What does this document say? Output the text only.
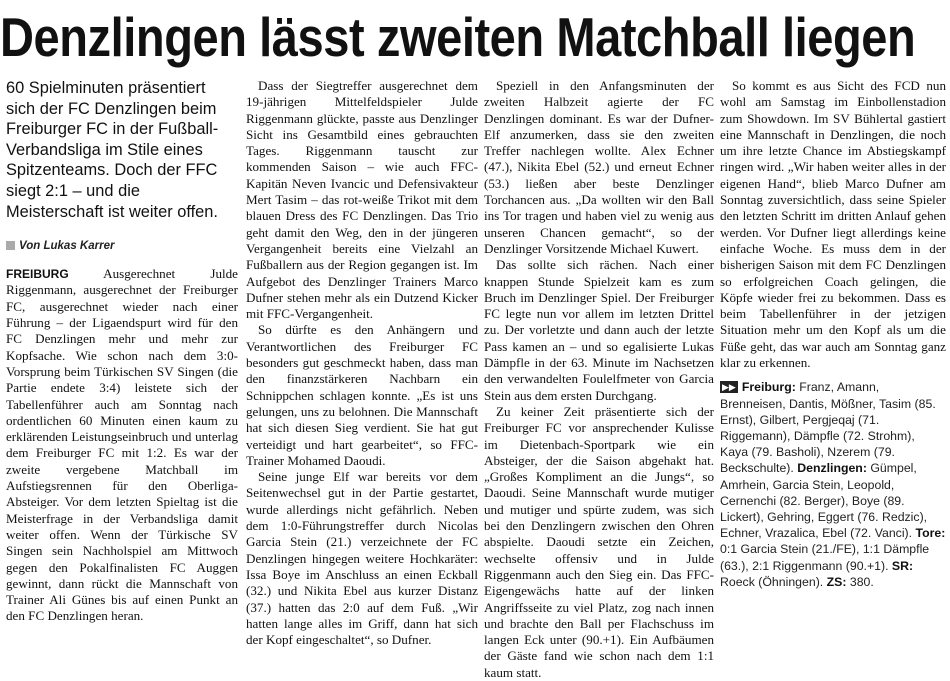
Denzlingen lässt zweiten Matchball liegen

60 Spielminuten präsentiert sich der FC Denzlingen beim Freiburger FC in der Fußball-Verbandsliga im Stile eines Spitzenteams. Doch der FFC siegt 2:1 – und die Meisterschaft ist weiter offen.

Von Lukas Karrer

FREIBURG	Ausgerechnet Julde Riggenmann, ausgerechnet der Freiburger FC, ausgerechnet wieder nach einer Führung – der Ligaendspurt wird für den FC Denzlingen mehr und mehr zur Kopfsache. Wie schon nach dem 3:0-Vorsprung beim Türkischen SV Singen (die Partie endete 3:4) leistete sich der Tabellenführer auch am Sonntag nach ordentlichen 60 Minuten einen kaum zu erklärenden Leistungseinbruch und unterlag dem Freiburger FC mit 1:2. Es war der zweite vergebene Matchball im Aufstiegsrennen für den Oberliga-Absteiger. Vor dem letzten Spieltag ist die Meisterfrage in der Verbandsliga damit weiter offen. Wenn der Türkische SV Singen sein Nachholspiel am Mittwoch gegen den Pokalfinalisten FC Auggen gewinnt, dann rückt die Mannschaft von Trainer Ali Günes bis auf einen Punkt an den FC Denzlingen heran.

Dass der Siegtreffer ausgerechnet dem 19-jährigen Mittelfeldspieler Julde Riggenmann glückte, passte aus Denzlinger Sicht ins Gesamtbild eines gebrauchten Tages. Riggenmann tauscht zur kommenden Saison – wie auch FFC-Kapitän Neven Ivancic und Defensivakteur Mert Tasim – das rot-weiße Trikot mit dem blauen Dress des FC Denzlingen. Das Trio geht damit den Weg, den in der jüngeren Vergangenheit bereits eine Vielzahl an Fußballern aus der Region gegangen ist. Im Aufgebot des Denzlinger Trainers Marco Dufner stehen mehr als ein Dutzend Kicker mit FFC-Vergangenheit.

So dürfte es den Anhängern und Verantwortlichen des Freiburger FC besonders gut geschmeckt haben, dass man den finanzstärkeren Nachbarn ein Schnippchen schlagen konnte. „Es ist uns gelungen, uns zu belohnen. Die Mannschaft hat sich diesen Sieg verdient. Sie hat gut verteidigt und hart gearbeitet“, so FFC-Trainer Mohamed Daoudi.

Seine junge Elf war bereits vor dem Seitenwechsel gut in der Partie gestartet, wurde allerdings nicht gefährlich. Neben dem 1:0-Führungstreffer durch Nicolas Garcia Stein (21.) verzeichnete der FC Denzlingen hingegen weitere Hochkaräter: Issa Boye im Anschluss an einen Eckball (32.) und Nikita Ebel aus kurzer Distanz (37.) hatten das 2:0 auf dem Fuß. „Wir hatten lange alles im Griff, dann hat sich der Kopf eingeschaltet“, so Dufner.

Speziell in den Anfangsminuten der zweiten Halbzeit agierte der FC Denzlingen dominant. Es war der Dufner-Elf anzumerken, dass sie den zweiten Treffer nachlegen wollte. Alex Echner (47.), Nikita Ebel (52.) und erneut Echner (53.) ließen aber beste Denzlinger Torchancen aus. „Da wollten wir den Ball ins Tor tragen und haben viel zu wenig aus unseren Chancen gemacht“, so der Denzlinger Vorsitzende Michael Kuwert.

Das sollte sich rächen. Nach einer knappen Stunde Spielzeit kam es zum Bruch im Denzlinger Spiel. Der Freiburger FC legte nun vor allem im letzten Drittel zu. Der vorletzte und dann auch der letzte Pass kamen an – und so egalisierte Lukas Dämpfle in der 63. Minute im Nachsetzen den verwandelten Foulelfmeter von Garcia Stein aus dem ersten Durchgang.

Zu keiner Zeit präsentierte sich der Freiburger FC vor ansprechender Kulisse im Dietenbach-Sportpark wie ein Absteiger, der die Saison abgehakt hat. „Großes Kompliment an die Jungs“, so Daoudi. Seine Mannschaft wurde mutiger und mutiger und spürte zudem, was sich bei den Denzlingern zwischen den Ohren abspielte. Daoudi setzte ein Zeichen, wechselte offensiv und in Julde Riggenmann auch den Sieg ein. Das FFC-Eigengewächs hatte auf der linken Angriffsseite zu viel Platz, zog nach innen und brachte den Ball per Flachschuss im langen Eck unter (90.+1). Ein Aufbäumen der Gäste fand wie schon nach dem 1:1 kaum statt.

So kommt es aus Sicht des FCD nun wohl am Samstag im Einbollenstadion zum Showdown. Im SV Bühlertal gastiert eine Mannschaft in Denzlingen, die noch um ihre letzte Chance im Abstiegskampf ringen wird. „Wir haben weiter alles in der eigenen Hand“, blieb Marco Dufner am Sonntag zuversichtlich, dass seine Spieler den letzten Schritt im dritten Anlauf gehen werden. Vor Dufner liegt allerdings keine einfache Woche. Es muss dem in der bisherigen Saison mit dem FC Denzlingen so erfolgreichen Coach gelingen, die Köpfe wieder frei zu bekommen. Dass es beim Tabellenführer in der jetzigen Situation mehr um den Kopf als um die Füße geht, das war auch am Sonntag ganz klar zu erkennen.

▶▶ Freiburg: Franz, Amann, Brenneisen, Dantis, Mößner, Tasim (85. Ernst), Gilbert, Pergjeqaj (71. Riggemann), Dämpfle (72. Strohm), Kaya (79. Basholi), Nzerem (79. Beckschulte). Denzlingen: Gümpel, Amrhein, Garcia Stein, Leopold, Cernenchi (82. Berger), Boye (89. Lickert), Gehring, Eggert (76. Redzic), Echner, Vrazalica, Ebel (72. Vanci). Tore: 0:1 Garcia Stein (21./FE), 1:1 Dämpfle (63.), 2:1 Riggenmann (90.+1). SR: Roeck (Öhningen). ZS: 380.
